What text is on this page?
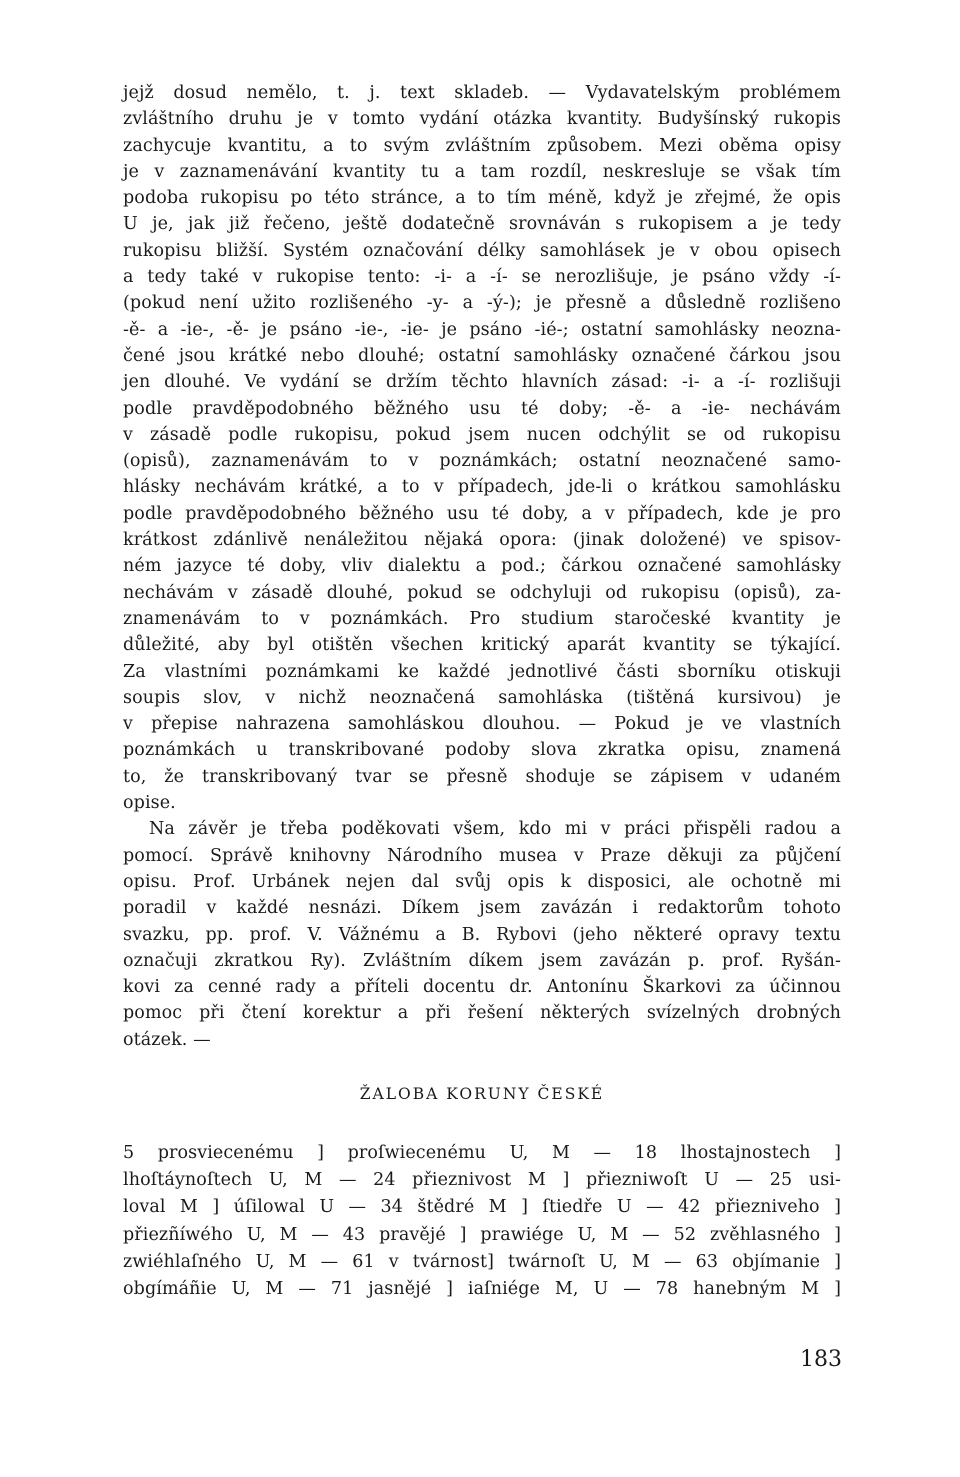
jejž dosud nemělo, t. j. text skladeb. — Vydavatelským problémem
zvláštního druhu je v tomto vydání otázka kvantity. Budyšínský rukopis
zachycuje kvantitu, a to svým zvláštním způsobem. Mezi oběma opisy
je v zaznamenávání kvantity tu a tam rozdíl, neskresluje se však tím
podoba rukopisu po této stránce, a to tím méně, když je zřejmé, že opis
U je, jak již řečeno, ještě dodatečně srovnáván s rukopisem a je tedy
rukopisu bližší. Systém označování délky samohlásek je v obou opisech
a tedy také v rukopise tento: -i- a -í- se nerozlišuje, je psáno vždy -í-
(pokud není užito rozlišeného -y- a -ý-); je přesně a důsledně rozlišeno
-ě- a -ie-, -ě- je psáno -ie-, -ie- je psáno -ié-; ostatní samohlásky neozna-
čené jsou krátké nebo dlouhé; ostatní samohlásky označené čárkou jsou
jen dlouhé. Ve vydání se držím těchto hlavních zásad: -i- a -í- rozlišuji
podle pravděpodobného běžného usu té doby; -ě- a -ie- nechávám
v zásadě podle rukopisu, pokud jsem nucen odchýlit se od rukopisu
(opisů), zaznamenávám to v poznámkách; ostatní neoznačené samo-
hlásky nechávám krátké, a to v případech, jde-li o krátkou samohlásku
podle pravděpodobného běžného usu té doby, a v případech, kde je pro
krátkost zdánlivě nenáležitou nějaká opora: (jinak doložené) ve spisov-
ném jazyce té doby, vliv dialektu a pod.; čárkou označené samohlásky
nechávám v zásadě dlouhé, pokud se odchyluji od rukopisu (opisů), za-
znamenávám to v poznámkách. Pro studium staročeské kvantity je
důležité, aby byl otištěn všechen kritický aparát kvantity se týkající.
Za vlastními poznámkami ke každé jednotlivé části sborníku otiskuji
soupis slov, v nichž neoznačená samohláska (tištěná kursivou) je
v přepise nahrazena samohláskou dlouhou. — Pokud je ve vlastních
poznámkách u transkribované podoby slova zkratka opisu, znamená
to, že transkribovaný tvar se přesně shoduje se zápisem v udaném
opise.
Na závěr je třeba poděkovati všem, kdo mi v práci přispěli radou a
pomocí. Správě knihovny Národního musea v Praze děkuji za půjčení
opisu. Prof. Urbánek nejen dal svůj opis k disposici, ale ochotně mi
poradil v každé nesnázi. Díkem jsem zavázán i redaktorům tohoto
svazku, pp. prof. V. Vážnému a B. Rybovi (jeho některé opravy textu
označuji zkratkou Ry). Zvláštním díkem jsem zavázán p. prof. Ryšán-
kovi za cenné rady a příteli docentu dr. Antonínu Škarkovi za účinnou
pomoc při čtení korektur a při řešení některých svízelných drobných
otázek. —
ŽALOBA KORUNY ČESKÉ
5 prosviecenému ] proſwiecenému U, M — 18 lhostajnostech ]
lhoſtáynoſtech U, M — 24 přieznivost M ] přiezniwoſt U — 25 usi-
loval M ] úſilowal U — 34 štědré M ] ſtiedře U — 42 přiezniveho ]
přiezñíwého U, M — 43 pravějé ] prawiége U, M — 52 zvěhlasného ]
zwiéhlaſného U, M — 61 v tvárnost] twárnoſt U, M — 63 objímanie ]
obgímáñie U, M — 71 jasnějé ] iaſniége M, U — 78 hanebným M ]
183
